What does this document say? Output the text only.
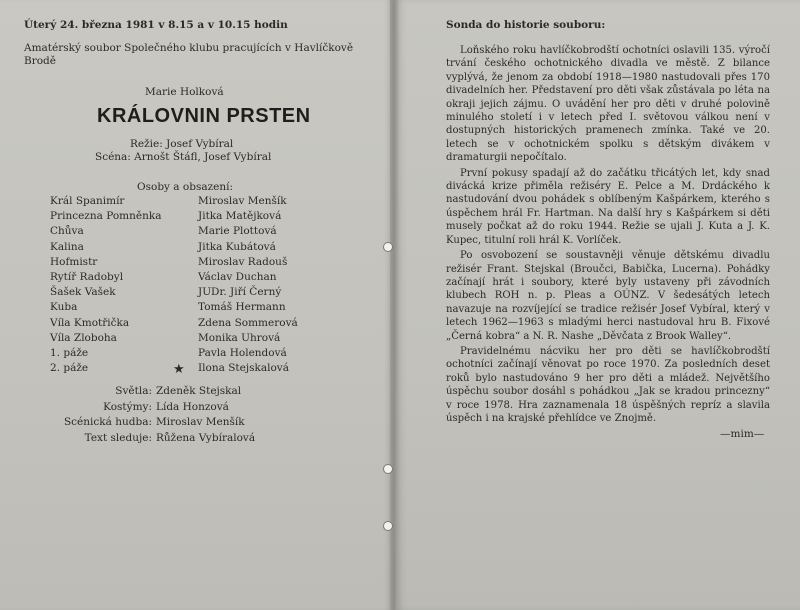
Úterý 24. března 1981 v 8.15 a v 10.15 hodin
Amatérský soubor Společného klubu pracujících v Havlíčkově
Brodě
Marie Holková
KRÁLOVNIN PRSTEN
Režie: Josef Vybíral
Scéna: Arnošt Štáfl, Josef Vybíral
Osoby a obsazení:
Král Spanimír	Miroslav Menšík
Princezna Pomněnka	Jitka Matějková
Chůva	Marie Plottová
Kalina	Jitka Kubátová
Hofmistr	Miroslav Radouš
Rytíř Radobyl	Václav Duchan
Šašek Vašek	JUDr. Jiří Černý
Kuba	Tomáš Hermann
Víla Kmotřička	Zdena Sommerová
Víla Zloboha	Monika Uhrová
1. páže	Pavla Holendová
2. páže	Ilona Stejskalová
★
Světla: Zdeněk Stejskal
Kostýmy: Lída Honzová
Scénická hudba: Miroslav Menšík
Text sleduje: Růžena Vybíralová
Sonda do historie souboru:

Loňského roku havlíčkobrodští ochotníci oslavili 135. výročí trvání českého ochotnického divadla ve městě. Z bilance vyplývá, že jenom za období 1918—1980 nastudovali přes 170 divadelních her. Představení pro děti však zůstávala po léta na okraji jejich zájmu. O uvádění her pro děti v druhé polovině minulého století i v letech před I. světovou válkou není v dostupných historických pramenech zmínka. Také ve 20. letech se v ochotnickém spolku s dětským divákem v dramaturgii nepočítalo.

První pokusy spadají až do začátku třicátých let, kdy snad divácká krize přiměla režiséry E. Pelce a M. Drdáckého k nastudování dvou pohádek s oblíbeným Kašpárkem, kterého s úspěchem hrál Fr. Hartman. Na další hry s Kašpárkem si děti musely počkat až do roku 1944. Režie se ujali J. Kuta a J. K. Kupec, titulní roli hrál K. Vorlíček.

Po osvobození se soustavněji věnuje dětskému divadlu režisér Frant. Stejskal (Broučci, Babička, Lucerna). Pohádky začínají hrát i soubory, které byly ustaveny při závodních klubech ROH n. p. Pleas a OÚNZ. V šedesátých letech navazuje na rozvíjející se tradice režisér Josef Vybíral, který v letech 1962—1963 s mladými herci nastudoval hru B. Fixové „Černá kobra“ a N. R. Nashe „Děvčata z Brook Walley“.

Pravidelnému nácviku her pro děti se havlíčkobrodští ochotníci začínají věnovat po roce 1970. Za posledních deset roků bylo nastudováno 9 her pro děti a mládež. Největšího úspěchu soubor dosáhl s pohádkou „Jak se kradou princezny“ v roce 1978. Hra zaznamenala 18 úspěšných repríz a slavila úspěch i na krajské přehlídce ve Znojmě.

—mim—
